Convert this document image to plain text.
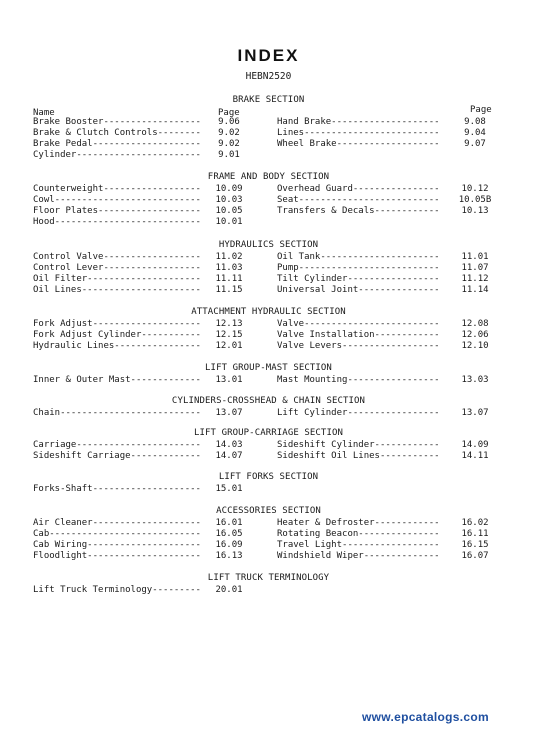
INDEX
HEBN2520
Name	Page	Page
BRAKE SECTION
Brake Booster------------------	9.06	Hand Brake--------------------	9.08
Brake & Clutch Controls--------	9.02	Lines-------------------------	9.04
Brake Pedal--------------------	9.02	Wheel Brake-------------------	9.07
Cylinder-----------------------	9.01
FRAME AND BODY SECTION
Counterweight------------------	10.09	Overhead Guard----------------	10.12
Cowl---------------------------	10.03	Seat--------------------------	10.05B
Floor Plates-------------------	10.05	Transfers & Decals------------	10.13
Hood---------------------------	10.01
HYDRAULICS SECTION
Control Valve------------------	11.02	Oil Tank----------------------	11.01
Control Lever------------------	11.03	Pump--------------------------	11.07
Oil Filter---------------------	11.11	Tilt Cylinder-----------------	11.12
Oil Lines----------------------	11.15	Universal Joint---------------	11.14
ATTACHMENT HYDRAULIC SECTION
Fork Adjust--------------------	12.13	Valve-------------------------	12.08
Fork Adjust Cylinder-----------	12.15	Valve Installation------------	12.06
Hydraulic Lines----------------	12.01	Valve Levers------------------	12.10
LIFT GROUP-MAST SECTION
Inner & Outer Mast-------------	13.01	Mast Mounting-----------------	13.03
CYLINDERS-CROSSHEAD & CHAIN SECTION
Chain--------------------------	13.07	Lift Cylinder-----------------	13.07
LIFT GROUP-CARRIAGE SECTION
Carriage-----------------------	14.03	Sideshift Cylinder------------	14.09
Sideshift Carriage-------------	14.07	Sideshift Oil Lines-----------	14.11
LIFT FORKS SECTION
Forks-Shaft--------------------	15.01
ACCESSORIES SECTION
Air Cleaner--------------------	16.01	Heater & Defroster------------	16.02
Cab----------------------------	16.05	Rotating Beacon---------------	16.11
Cab Wiring---------------------	16.09	Travel Light------------------	16.15
Floodlight---------------------	16.13	Windshield Wiper--------------	16.07
LIFT TRUCK TERMINOLOGY
Lift Truck Terminology---------	20.01
www.epcatalogs.com
